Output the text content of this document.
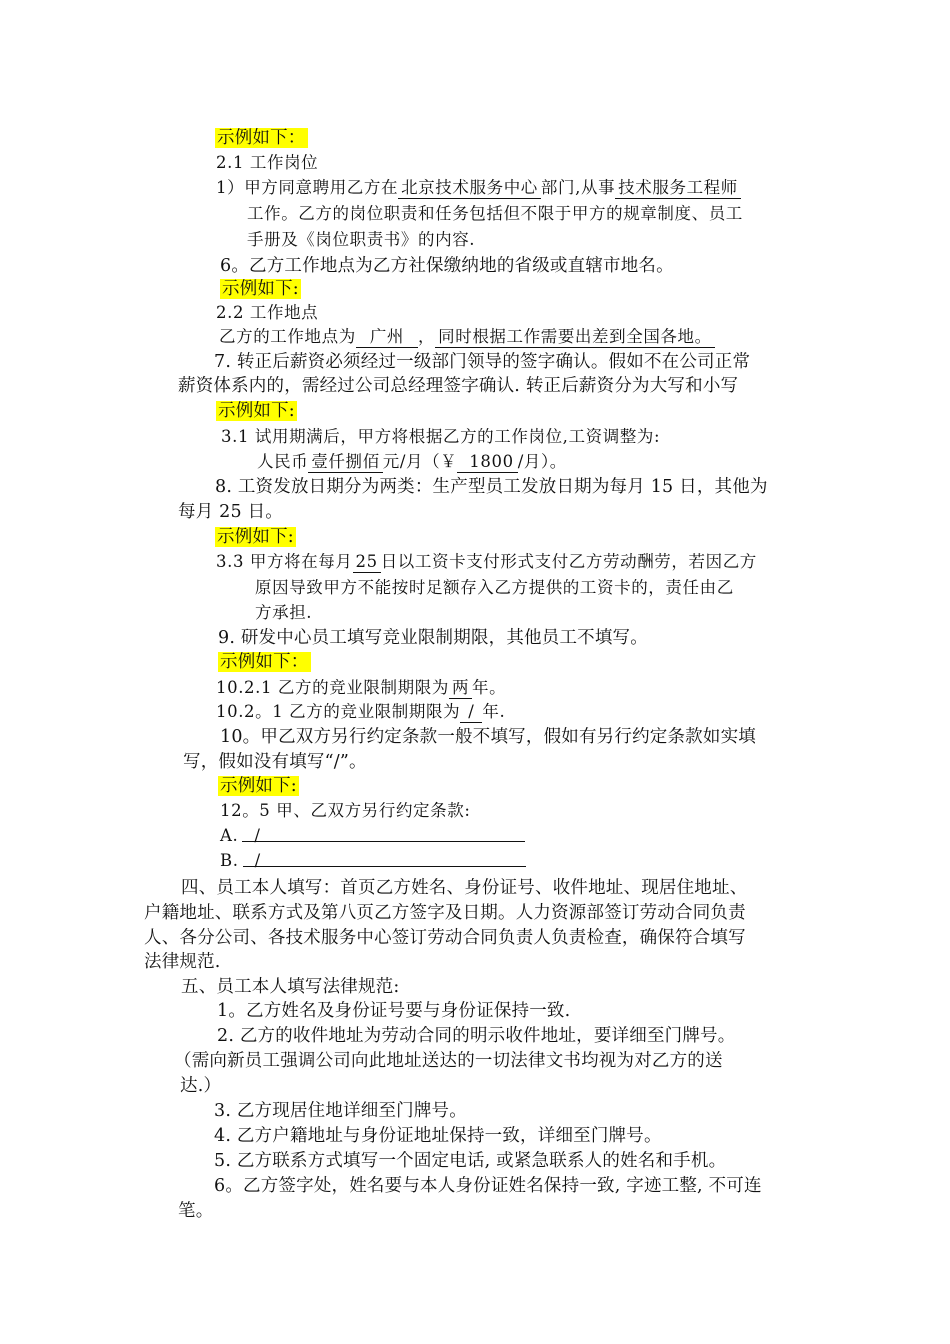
示例如下：
2.1 工作岗位
1）甲方同意聘用乙方在 北京技术服务中心 部门,从事 技术服务工程师
工作。乙方的岗位职责和任务包括但不限于甲方的规章制度、员工
手册及《岗位职责书》的内容.
6。乙方工作地点为乙方社保缴纳地的省级或直辖市地名。
示例如下:
2.2 工作地点
乙方的工作地点为 广州 ， 同时根据工作需要出差到全国各地。
7. 转正后薪资必须经过一级部门领导的签字确认。假如不在公司正常
薪资体系内的，需经过公司总经理签字确认. 转正后薪资分为大写和小写
示例如下:
3.1 试用期满后，甲方将根据乙方的工作岗位,工资调整为:
人民币 壹仟捌佰 元/月（￥ 1800 /月）。
8. 工资发放日期分为两类：生产型员工发放日期为每月 15 日，其他为
每月 25 日。
示例如下:
3.3 甲方将在每月 25 日以工资卡支付形式支付乙方劳动酬劳，若因乙方
原因导致甲方不能按时足额存入乙方提供的工资卡的，责任由乙
方承担.
9. 研发中心员工填写竞业限制期限，其他员工不填写。
示例如下：
10.2.1 乙方的竞业限制期限为 两 年。
10.2。1 乙方的竞业限制期限为 / 年.
10。甲乙双方另行约定条款一般不填写，假如有另行约定条款如实填
写，假如没有填写“/”。
示例如下:
12。5 甲、乙双方另行约定条款:
A. /
B. /
四、员工本人填写：首页乙方姓名、身份证号、收件地址、现居住地址、
户籍地址、联系方式及第八页乙方签字及日期。人力资源部签订劳动合同负责
人、各分公司、各技术服务中心签订劳动合同负责人负责检查，确保符合填写
法律规范.
五、员工本人填写法律规范:
1。乙方姓名及身份证号要与身份证保持一致.
2. 乙方的收件地址为劳动合同的明示收件地址，要详细至门牌号。
（需向新员工强调公司向此地址送达的一切法律文书均视为对乙方的送
达.）
3. 乙方现居住地详细至门牌号。
4. 乙方户籍地址与身份证地址保持一致，详细至门牌号。
5. 乙方联系方式填写一个固定电话, 或紧急联系人的姓名和手机。
6。乙方签字处，姓名要与本人身份证姓名保持一致, 字迹工整, 不可连
笔。
